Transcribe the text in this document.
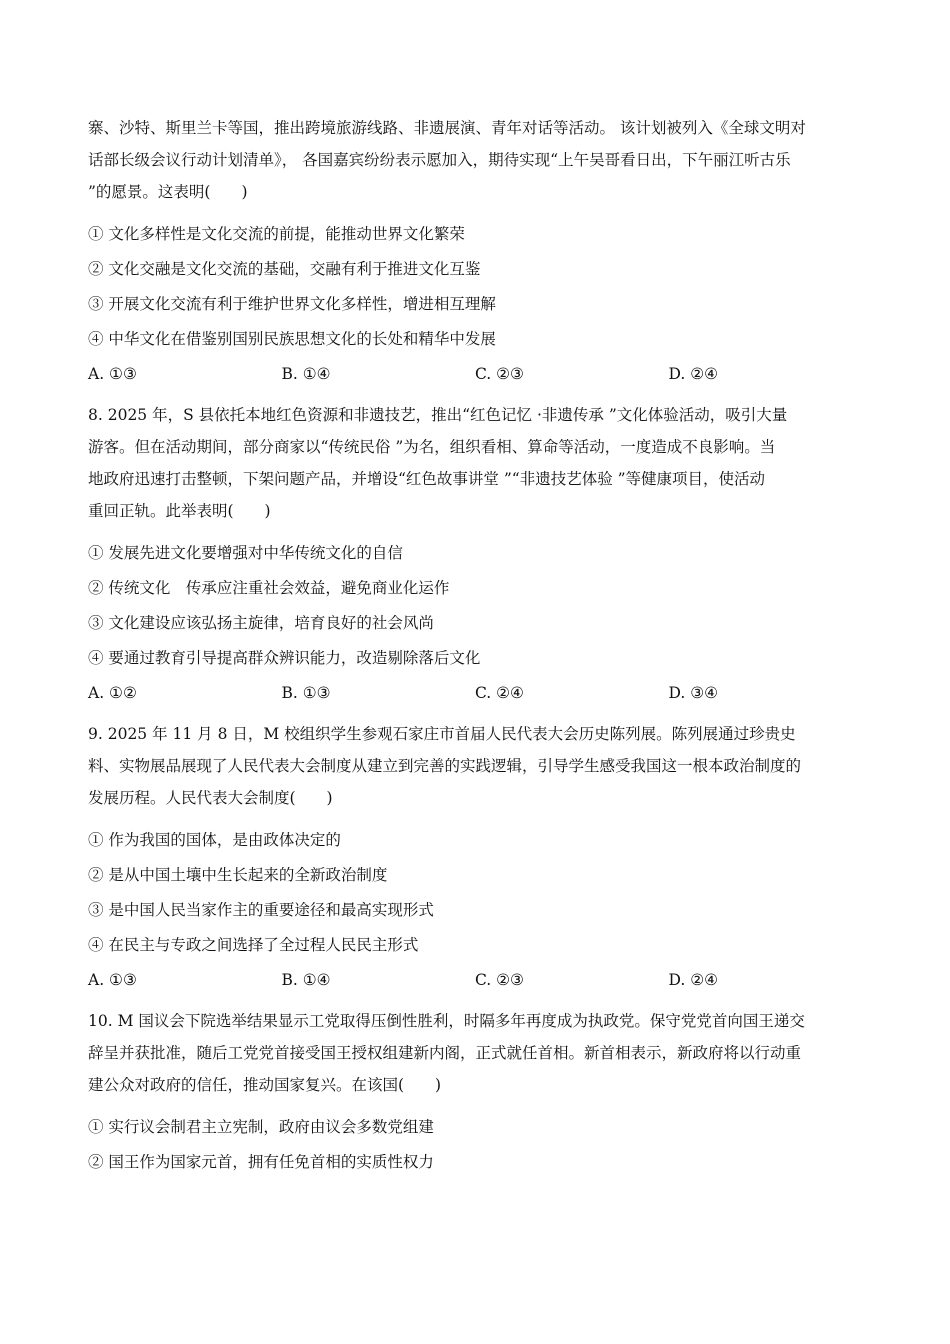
寨、沙特、斯里兰卡等国，推出跨境旅游线路、非遗展演、青年对话等活动。 该计划被列入《全球文明对
话部长级会议行动计划清单》， 各国嘉宾纷纷表示愿加入，期待实现“上午吴哥看日出，下午丽江听古乐
”的愿景。这表明(　　)

① 文化多样性是文化交流的前提，能推动世界文化繁荣

② 文化交融是文化交流的基础，交融有利于推进文化互鉴

③ 开展文化交流有利于维护世界文化多样性，增进相互理解

④ 中华文化在借鉴别国别民族思想文化的长处和精华中发展

A. ①③	B. ①④	C. ②③	D. ②④

8. 2025 年，S 县依托本地红色资源和非遗技艺，推出“红色记忆 ·非遗传承 ”文化体验活动，吸引大量
游客。但在活动期间，部分商家以“传统民俗 ”为名，组织看相、算命等活动，一度造成不良影响。当
地政府迅速打击整顿，下架问题产品，并增设“红色故事讲堂 ”“非遗技艺体验 ”等健康项目，使活动
重回正轨。此举表明(　　)

① 发展先进文化要增强对中华传统文化的自信

② 传统文化　传承应注重社会效益，避免商业化运作

③ 文化建设应该弘扬主旋律，培育良好的社会风尚

④ 要通过教育引导提高群众辨识能力，改造剔除落后文化

A. ①②	B. ①③	C. ②④	D. ③④

9. 2025 年 11 月 8 日，M 校组织学生参观石家庄市首届人民代表大会历史陈列展。陈列展通过珍贵史
料、实物展品展现了人民代表大会制度从建立到完善的实践逻辑，引导学生感受我国这一根本政治制度的
发展历程。人民代表大会制度(　　)

① 作为我国的国体，是由政体决定的

② 是从中国土壤中生长起来的全新政治制度

③ 是中国人民当家作主的重要途径和最高实现形式

④ 在民主与专政之间选择了全过程人民民主形式

A. ①③	B. ①④	C. ②③	D. ②④

10. M 国议会下院选举结果显示工党取得压倒性胜利，时隔多年再度成为执政党。保守党党首向国王递交
辞呈并获批准，随后工党党首接受国王授权组建新内阁，正式就任首相。新首相表示，新政府将以行动重
建公众对政府的信任，推动国家复兴。在该国(　　)

① 实行议会制君主立宪制，政府由议会多数党组建

② 国王作为国家元首，拥有任免首相的实质性权力
